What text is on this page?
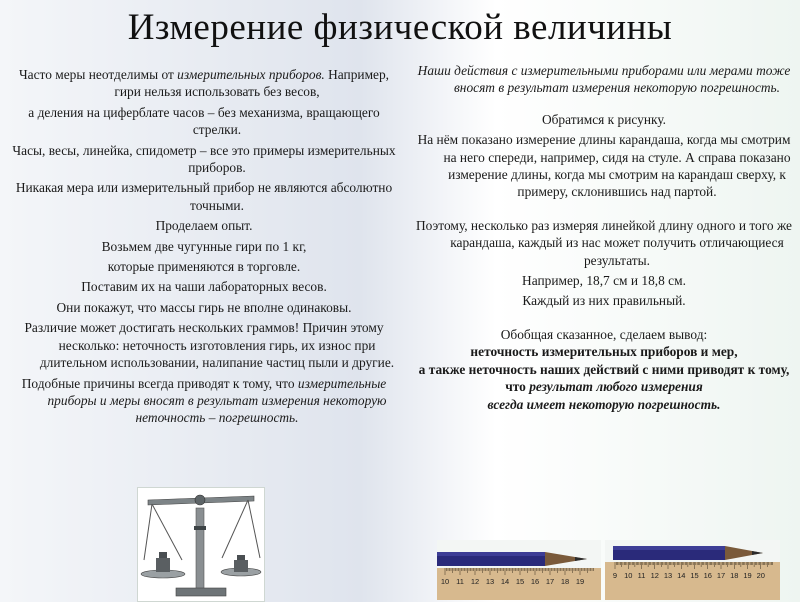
Измерение физической величины

Часто меры неотделимы от измерительных приборов. Например, гири нельзя использовать без весов,

а деления на циферблате часов – без механизма, вращающего стрелки.

Часы, весы, линейка, спидометр – все это примеры измерительных приборов.

Никакая мера или измерительный прибор не являются абсолютно точными.

Проделаем опыт.

Возьмем две чугунные гири по 1 кг,

которые применяются в торговле.

Поставим их на чаши лабораторных весов.

Они покажут, что массы гирь не вполне одинаковы.

Различие может достигать нескольких граммов! Причин этому несколько: неточность изготовления гирь, их износ при длительном использовании, налипание частиц пыли и другие.

Подобные причины всегда приводят к тому, что измерительные приборы и меры вносят в результат измерения некоторую неточность – погрешность.

Наши действия с измерительными приборами или мерами тоже вносят в результат измерения некоторую погрешность.

Обратимся к рисунку.

На нём показано измерение длины карандаша, когда мы смотрим на него спереди, например, сидя на стуле. А справа показано измерение длины, когда мы смотрим на карандаш сверху, к примеру, склонившись над партой.

Поэтому, несколько раз измеряя линейкой длину одного и того же карандаша, каждый из нас может получить отличающиеся результаты.

Например, 18,7 см и 18,8 см.

Каждый из них правильный.

Обобщая сказанное, сделаем вывод:

неточность измерительных приборов и мер,

а также неточность наших действий с ними приводят к тому,

что результат любого измерения

всегда имеет некоторую погрешность.

10 11 12 13 14 15 16 17 18 19
9 10 11 12 13 14 15 16 17 18 19 20
